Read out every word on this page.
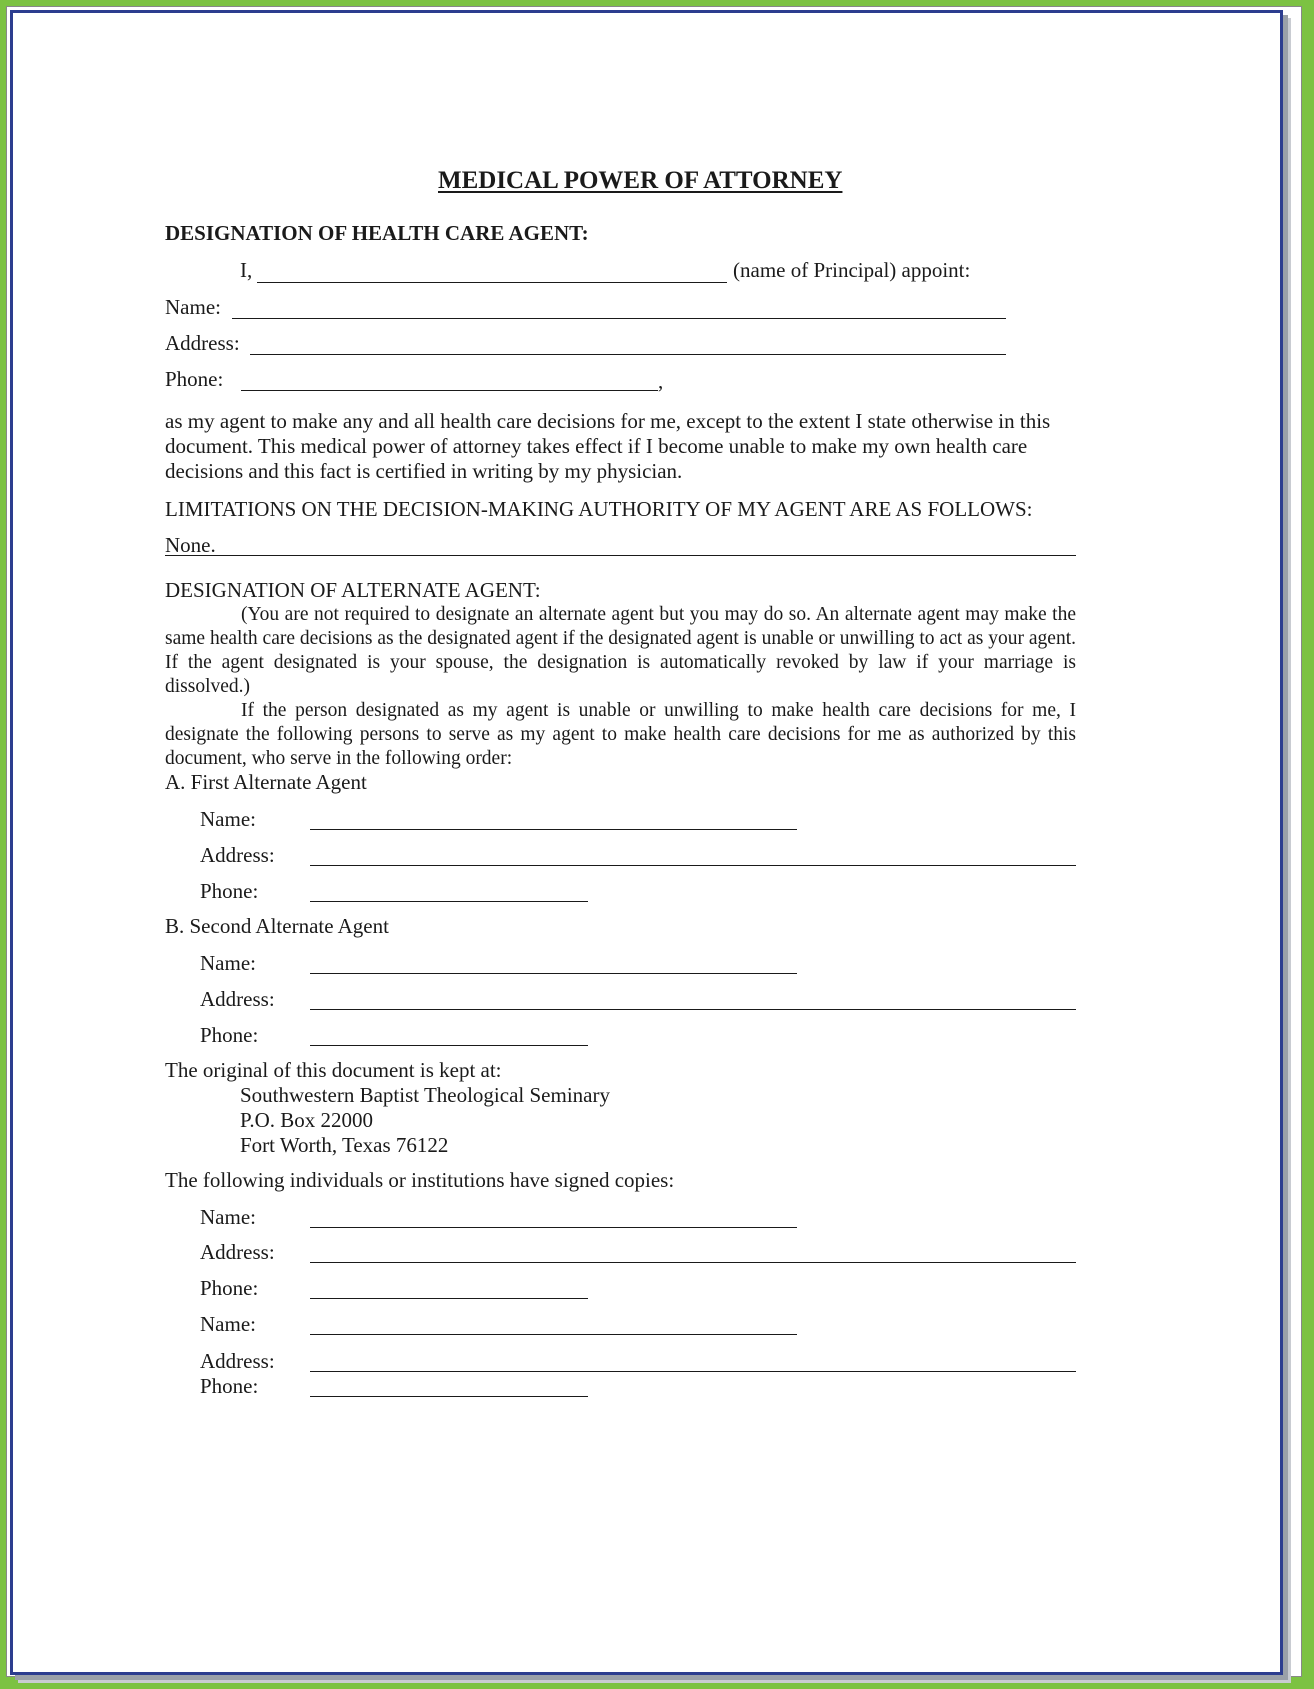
MEDICAL POWER OF ATTORNEY
DESIGNATION OF HEALTH CARE AGENT:
I,	(name of Principal) appoint:
Name:
Address:
Phone:	,
as my agent to make any and all health care decisions for me, except to the extent I state otherwise in this
document. This medical power of attorney takes effect if I become unable to make my own health care
decisions and this fact is certified in writing by my physician.
LIMITATIONS ON THE DECISION-MAKING AUTHORITY OF MY AGENT ARE AS FOLLOWS:
None.
DESIGNATION OF ALTERNATE AGENT:
(You are not required to designate an alternate agent but you may do so. An alternate agent may make the
same health care decisions as the designated agent if the designated agent is unable or unwilling to act as your agent.
If the agent designated is your spouse, the designation is automatically revoked by law if your marriage is
dissolved.)
If the person designated as my agent is unable or unwilling to make health care decisions for me, I
designate the following persons to serve as my agent to make health care decisions for me as authorized by this
document, who serve in the following order:
A. First Alternate Agent
Name:
Address:
Phone:
B. Second Alternate Agent
Name:
Address:
Phone:
The original of this document is kept at:
Southwestern Baptist Theological Seminary
P.O. Box 22000
Fort Worth, Texas 76122
The following individuals or institutions have signed copies:
Name:
Address:
Phone:
Name:
Address:
Phone:
